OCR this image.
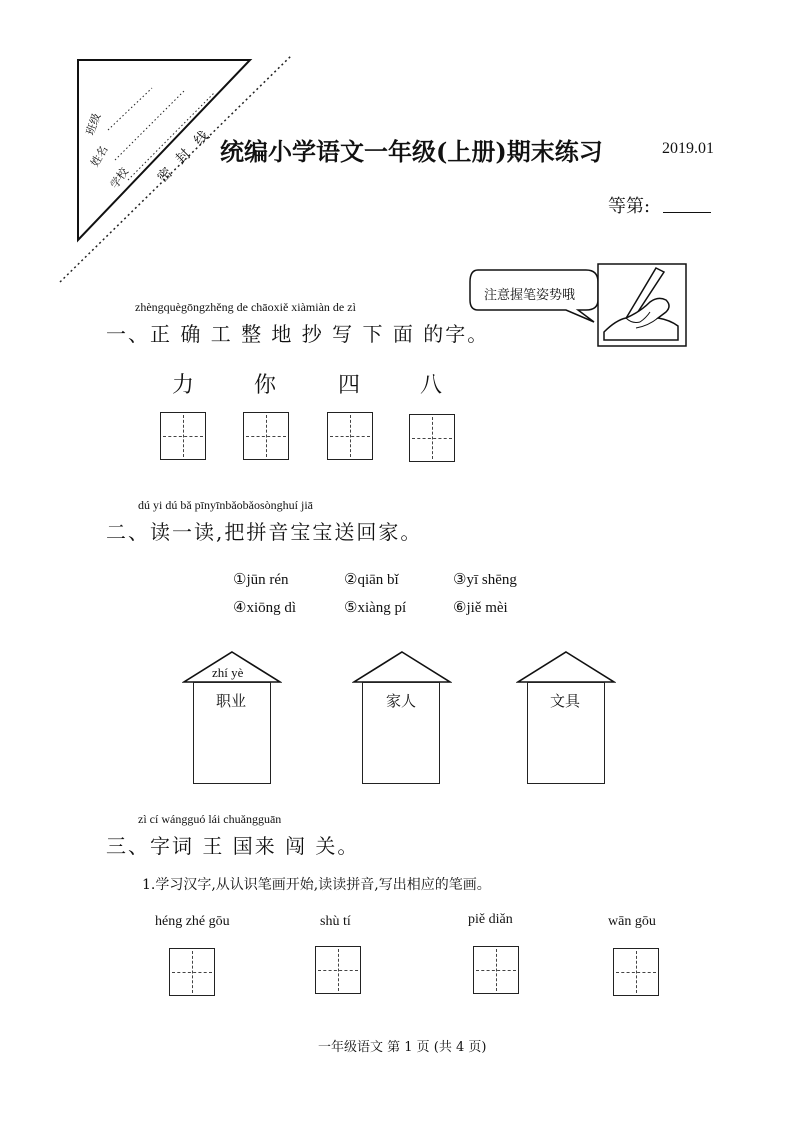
班级
姓名
学校 密封线 统编小学语文一年级(上册)期末练习	2019.01
等第:
注意握笔姿势哦
zhèngquègōngzhěng de chāoxiě xiàmiàn de zì
一、正 确 工 整 地 抄 写 下 面 的字。
力	你	四	八
dú yi dú bǎ pīnyīnbǎobǎosònghuí jiā
二、读一读,把拼音宝宝送回家。
①jūn rén	②qiān bǐ	③yī shēng
④xiōng dì	⑤xiàng pí	⑥jiě mèi
zhí yè
职业	家人	文具
zì cí wángguó lái chuǎngguān
三、字词 王 国来 闯 关。
1.学习汉字,从认识笔画开始,读读拼音,写出相应的笔画。
héng zhé gōu	shù tí	piě diǎn	wān gōu
一年级语文 第 1 页 (共 4 页)
